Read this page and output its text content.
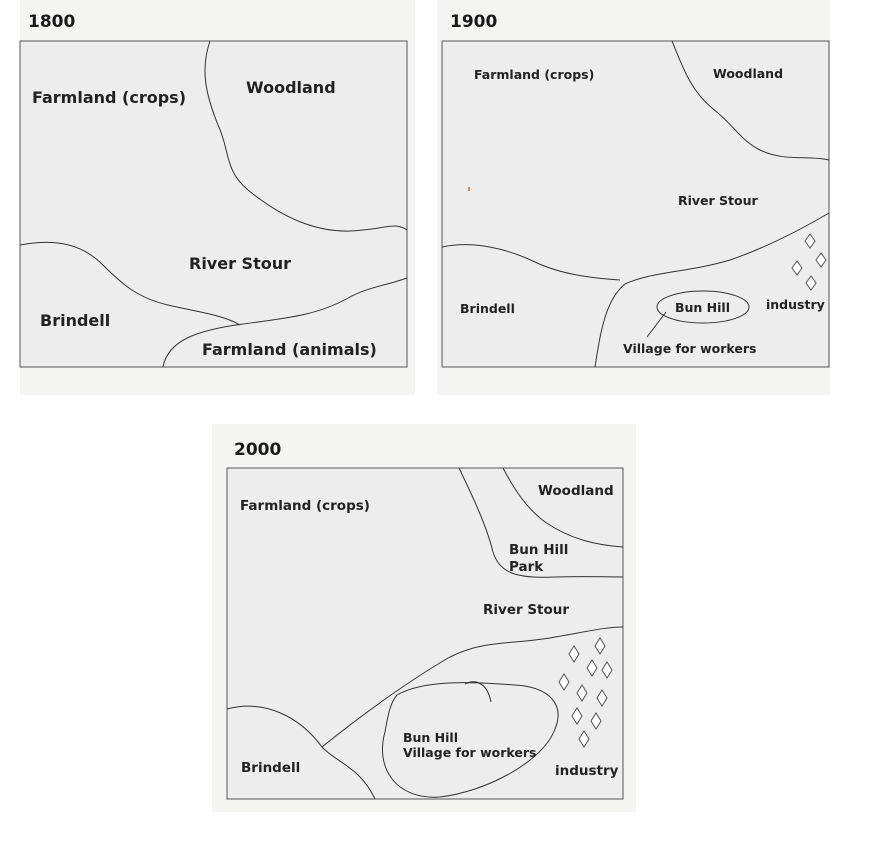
1800
Farmland (crops)
Woodland
River Stour
Brindell
Farmland (animals)
1900
Farmland (crops)	Woodland
River Stour
Brindell	Bun Hill	industry
Village for workers
2000
Farmland (crops)
Woodland
Bun Hill
Park
River Stour
Bun Hill
Village for workers
industry
Brindell
